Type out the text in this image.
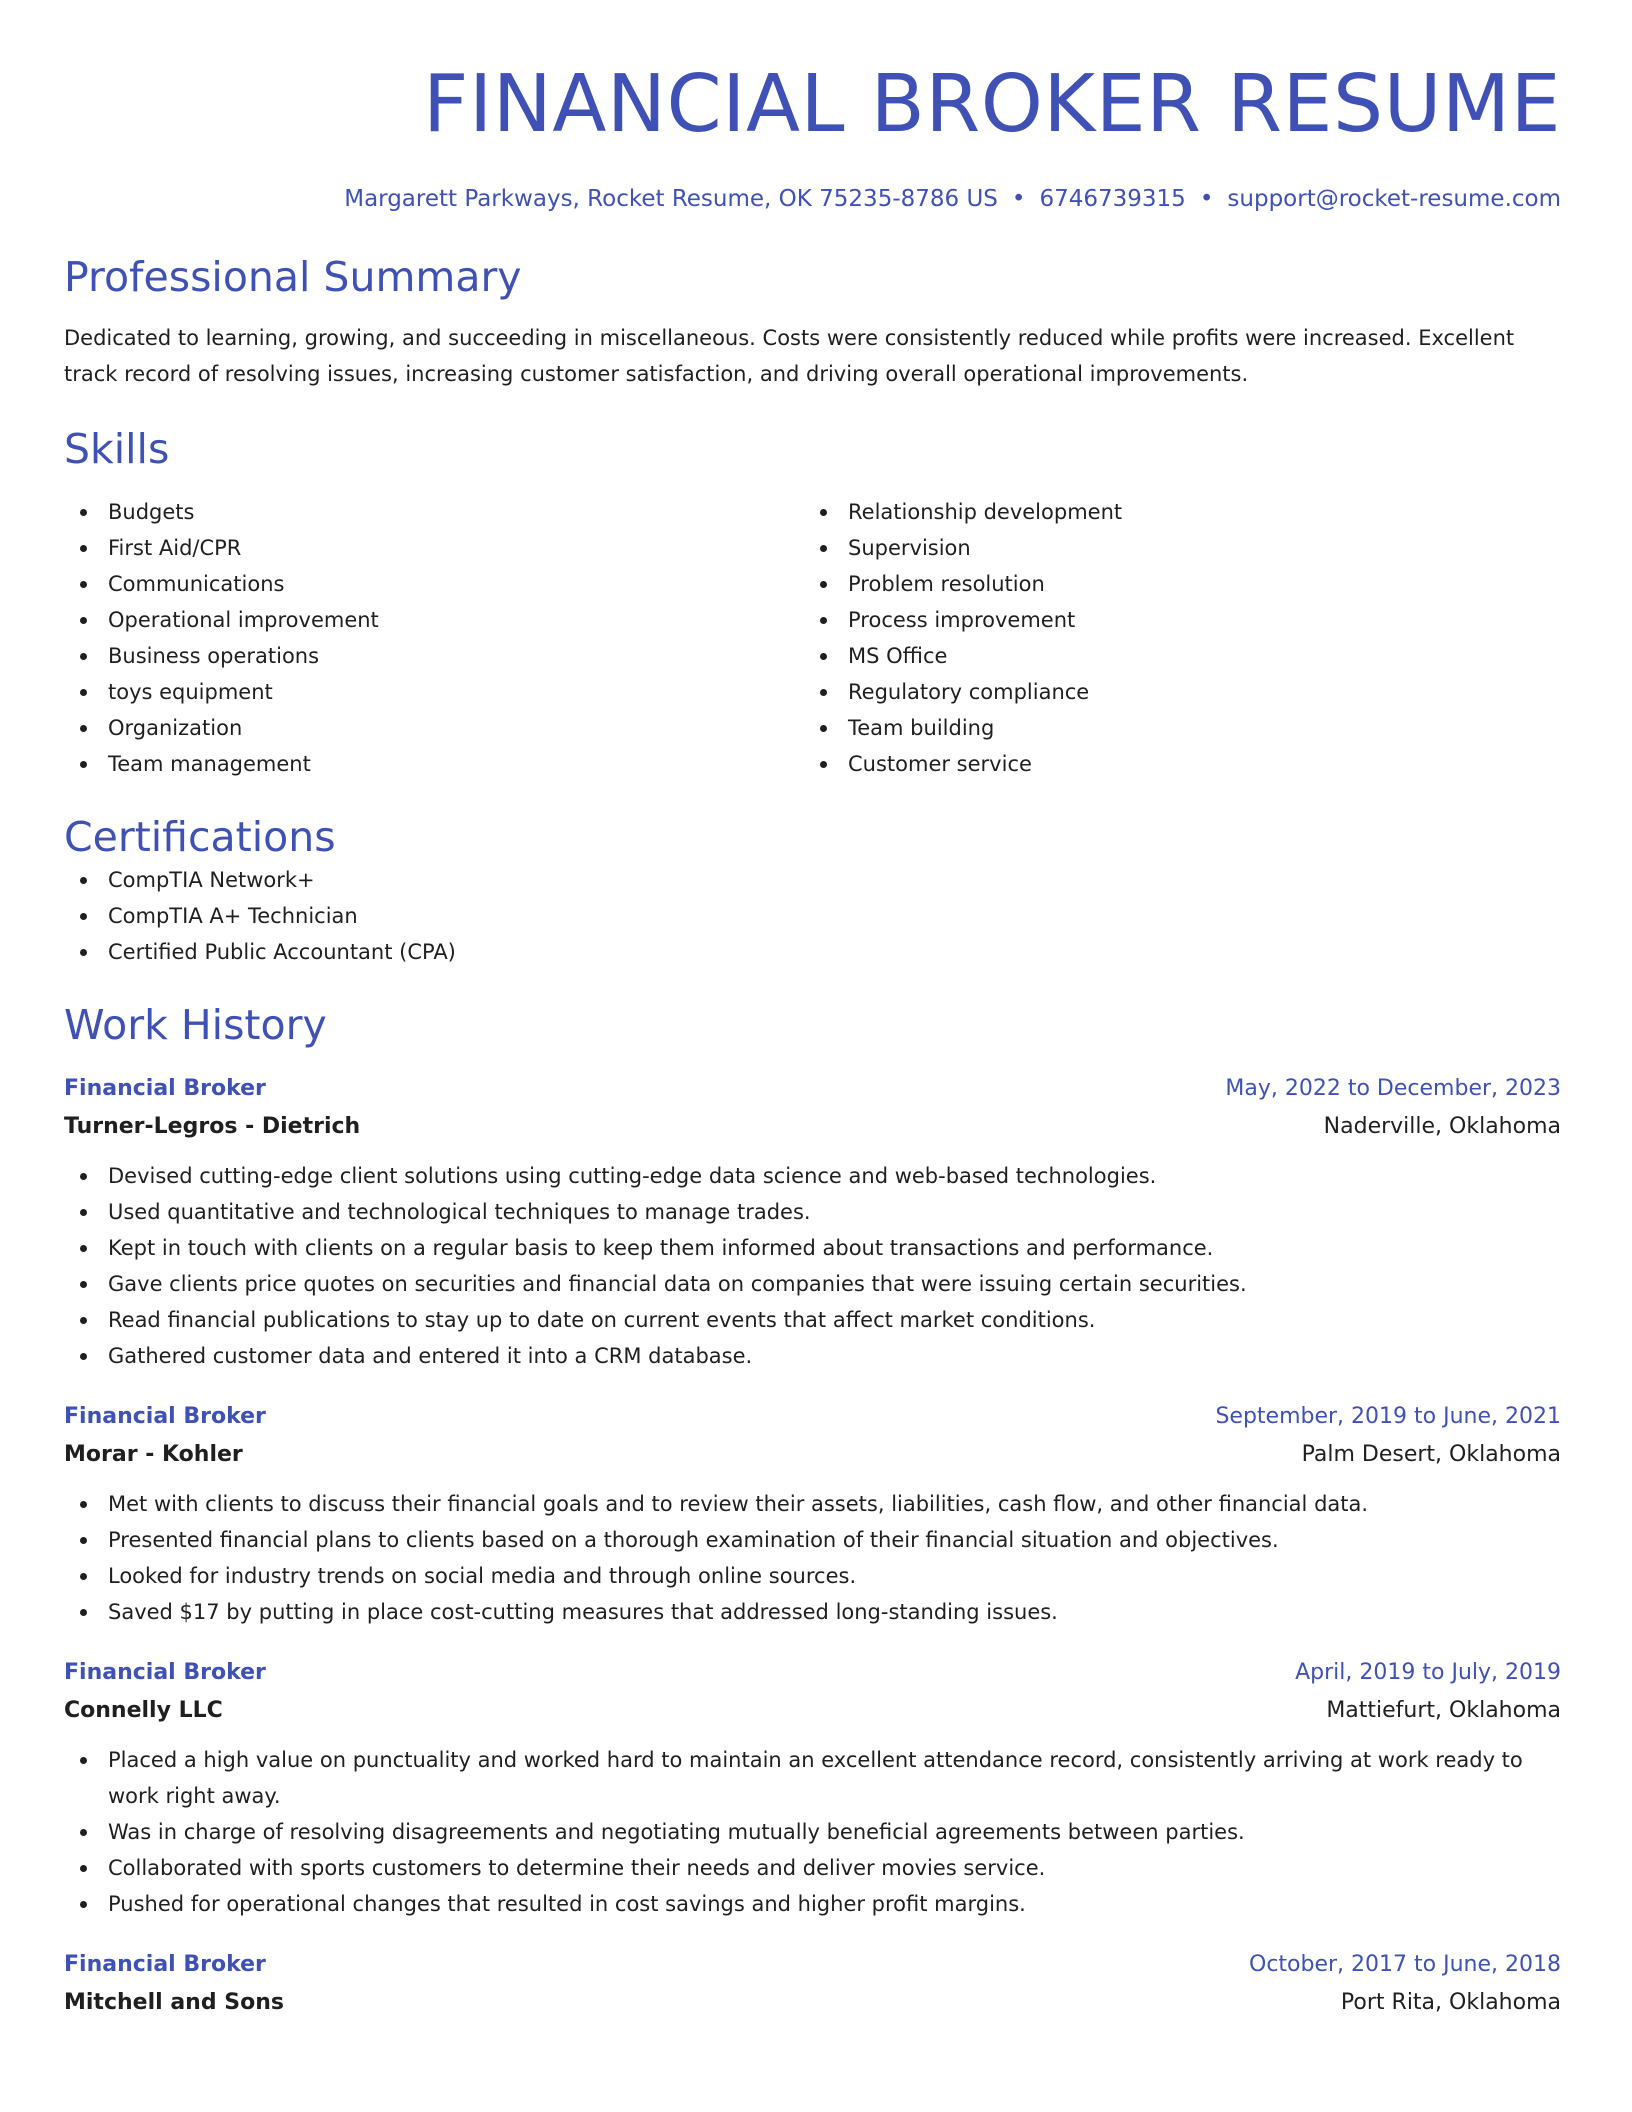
FINANCIAL BROKER RESUME
Margarett Parkways, Rocket Resume, OK 75235-8786 US • 6746739315 • support@rocket-resume.com
Professional Summary
Dedicated to learning, growing, and succeeding in miscellaneous. Costs were consistently reduced while profits were increased. Excellent track record of resolving issues, increasing customer satisfaction, and driving overall operational improvements.
Skills
Budgets
First Aid/CPR
Communications
Operational improvement
Business operations
toys equipment
Organization
Team management
Relationship development
Supervision
Problem resolution
Process improvement
MS Office
Regulatory compliance
Team building
Customer service
Certifications
CompTIA Network+
CompTIA A+ Technician
Certified Public Accountant (CPA)
Work History
Financial Broker	May, 2022 to December, 2023
Turner-Legros - Dietrich	Naderville, Oklahoma
Devised cutting-edge client solutions using cutting-edge data science and web-based technologies.
Used quantitative and technological techniques to manage trades.
Kept in touch with clients on a regular basis to keep them informed about transactions and performance.
Gave clients price quotes on securities and financial data on companies that were issuing certain securities.
Read financial publications to stay up to date on current events that affect market conditions.
Gathered customer data and entered it into a CRM database.
Financial Broker	September, 2019 to June, 2021
Morar - Kohler	Palm Desert, Oklahoma
Met with clients to discuss their financial goals and to review their assets, liabilities, cash flow, and other financial data.
Presented financial plans to clients based on a thorough examination of their financial situation and objectives.
Looked for industry trends on social media and through online sources.
Saved $17 by putting in place cost-cutting measures that addressed long-standing issues.
Financial Broker	April, 2019 to July, 2019
Connelly LLC	Mattiefurt, Oklahoma
Placed a high value on punctuality and worked hard to maintain an excellent attendance record, consistently arriving at work ready to work right away.
Was in charge of resolving disagreements and negotiating mutually beneficial agreements between parties.
Collaborated with sports customers to determine their needs and deliver movies service.
Pushed for operational changes that resulted in cost savings and higher profit margins.
Financial Broker	October, 2017 to June, 2018
Mitchell and Sons	Port Rita, Oklahoma
